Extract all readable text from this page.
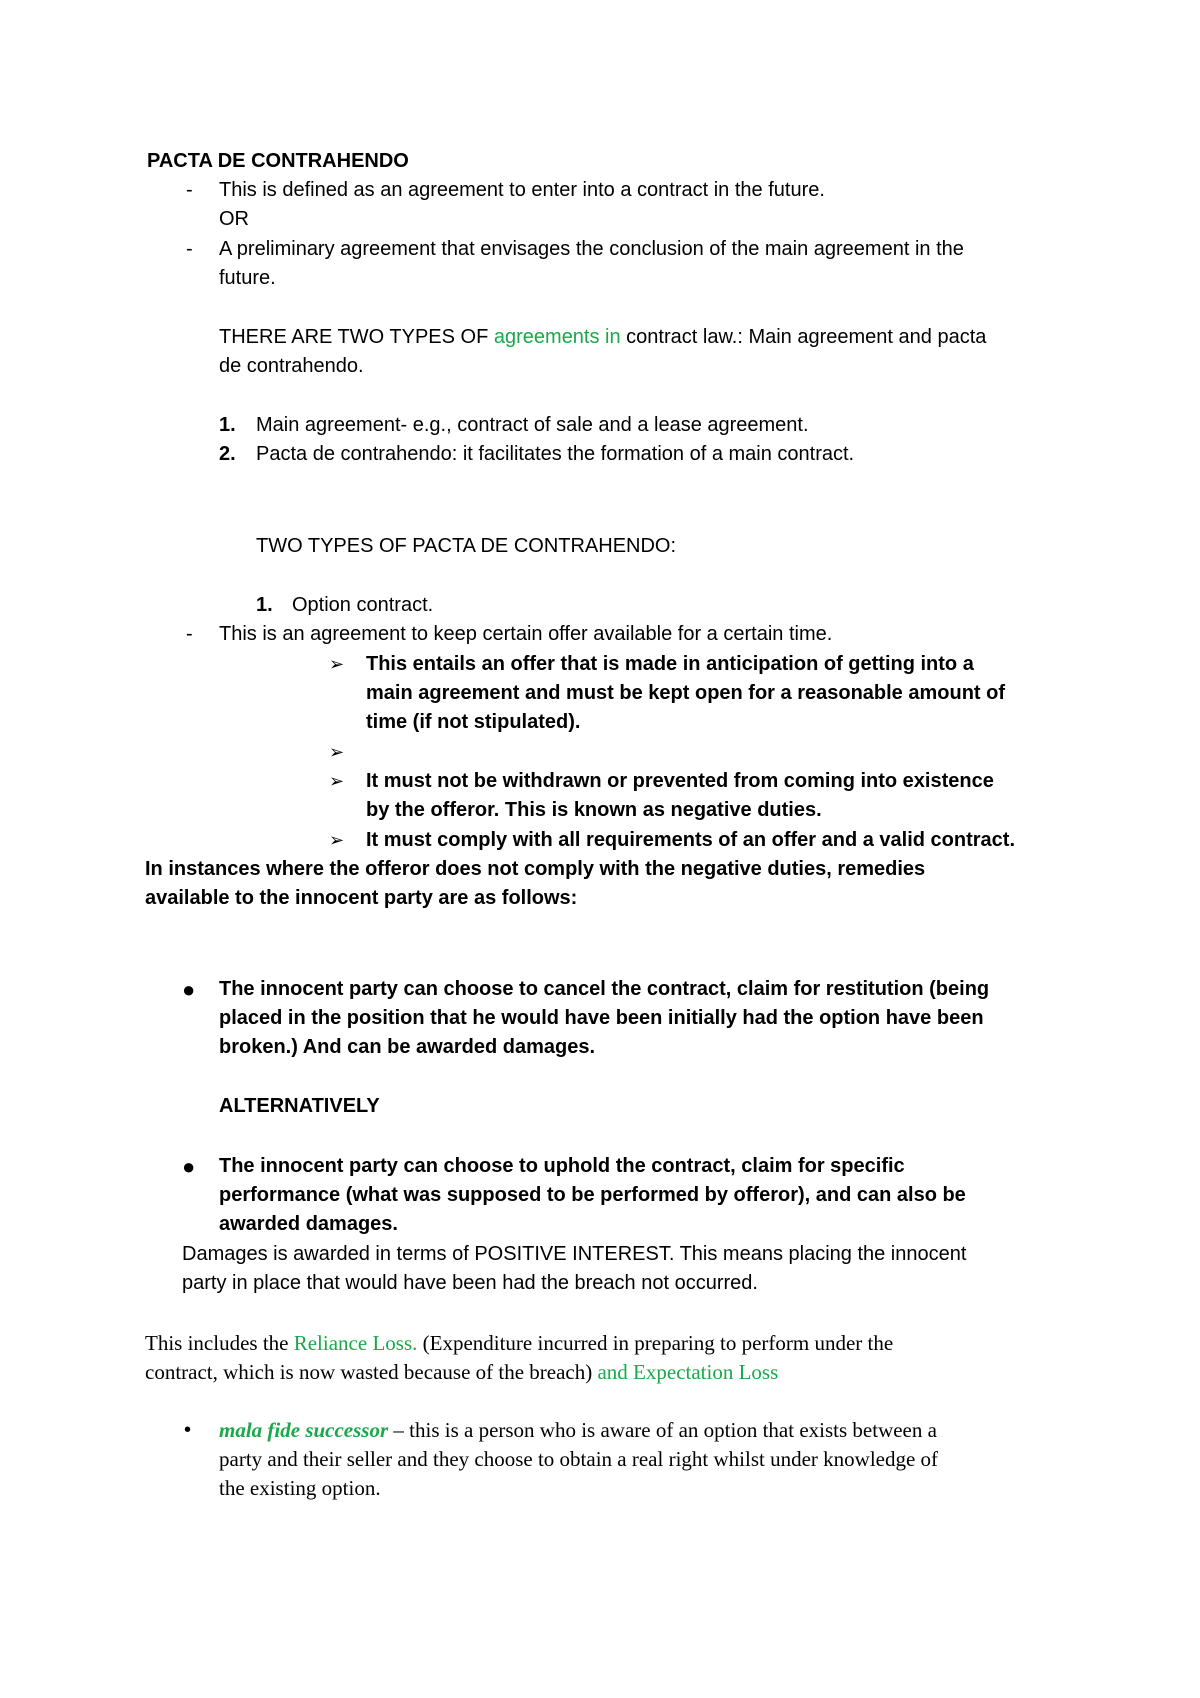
PACTA DE CONTRAHENDO
- This is defined as an agreement to enter into a contract in the future.
OR
- A preliminary agreement that envisages the conclusion of the main agreement in the
future.
THERE ARE TWO TYPES OF agreements in contract law.: Main agreement and pacta
de contrahendo.
1. Main agreement- e.g., contract of sale and a lease agreement.
2. Pacta de contrahendo: it facilitates the formation of a main contract.
TWO TYPES OF PACTA DE CONTRAHENDO:
1. Option contract.
- This is an agreement to keep certain offer available for a certain time.
➢ This entails an offer that is made in anticipation of getting into a
main agreement and must be kept open for a reasonable amount of
time (if not stipulated).
➢
➢ It must not be withdrawn or prevented from coming into existence
by the offeror. This is known as negative duties.
➢ It must comply with all requirements of an offer and a valid contract.
In instances where the offeror does not comply with the negative duties, remedies
available to the innocent party are as follows:
● The innocent party can choose to cancel the contract, claim for restitution (being
placed in the position that he would have been initially had the option have been
broken.) And can be awarded damages.
ALTERNATIVELY
● The innocent party can choose to uphold the contract, claim for specific
performance (what was supposed to be performed by offeror), and can also be
awarded damages.
Damages is awarded in terms of POSITIVE INTEREST. This means placing the innocent
party in place that would have been had the breach not occurred.
This includes the Reliance Loss. (Expenditure incurred in preparing to perform under the
contract, which is now wasted because of the breach) and Expectation Loss
• mala fide successor – this is a person who is aware of an option that exists between a
party and their seller and they choose to obtain a real right whilst under knowledge of
the existing option.
